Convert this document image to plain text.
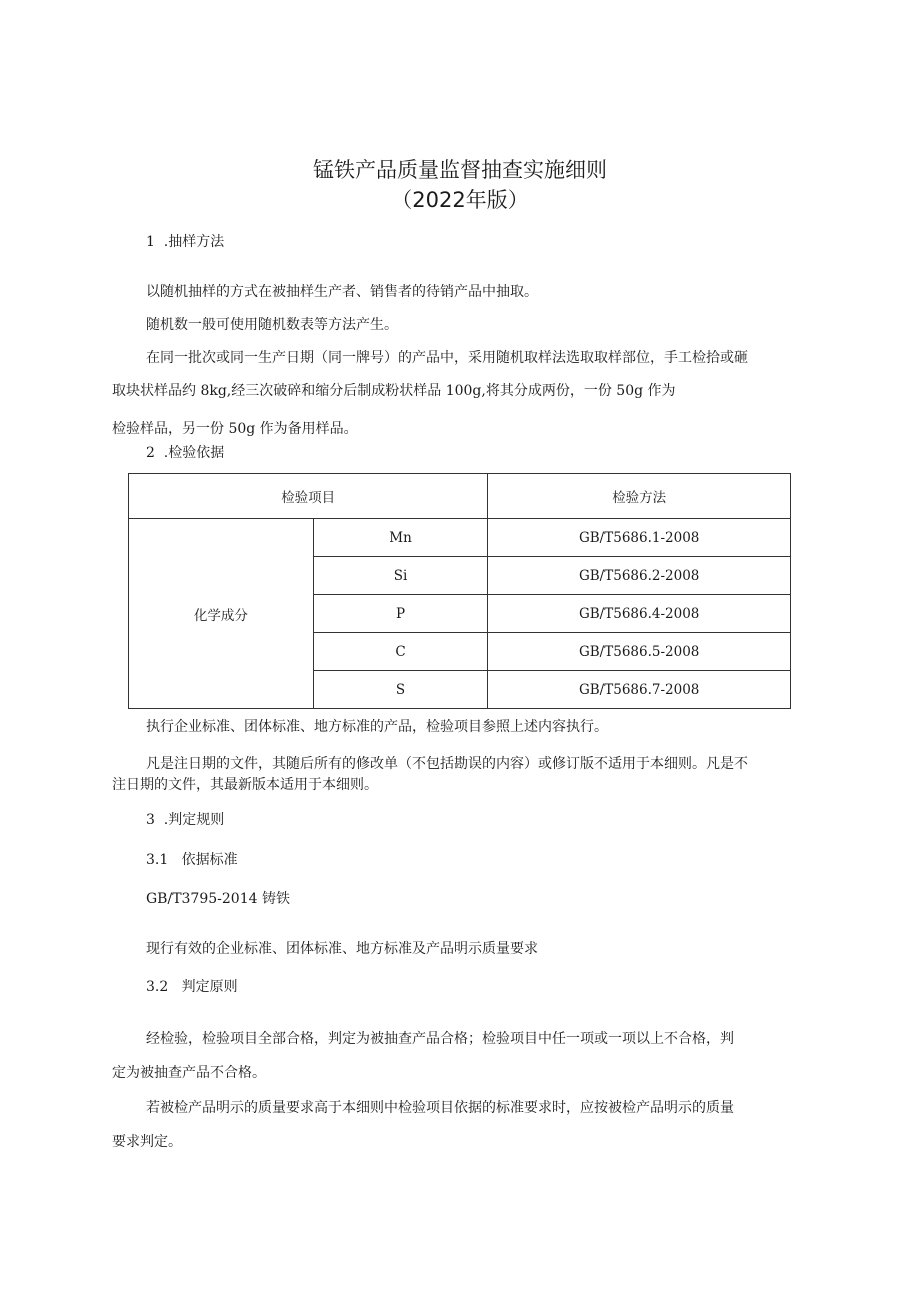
锰铁产品质量监督抽查实施细则
（2022年版）
1  .抽样方法
以随机抽样的方式在被抽样生产者、销售者的待销产品中抽取。
随机数一般可使用随机数表等方法产生。
在同一批次或同一生产日期（同一牌号）的产品中，采用随机取样法选取取样部位，手工检拾或砸
取块状样品约 8kg,经三次破碎和缩分后制成粉状样品 100g,将其分成两份，一份 50g 作为
检验样品，另一份 50g 作为备用样品。
2  .检验依据
检验项目		检验方法
化学成分	Mn	GB/T5686.1-2008
	Si	GB/T5686.2-2008
	P	GB/T5686.4-2008
	C	GB/T5686.5-2008
	S	GB/T5686.7-2008
执行企业标准、团体标准、地方标准的产品，检验项目参照上述内容执行。
凡是注日期的文件，其随后所有的修改单（不包括勘误的内容）或修订版不适用于本细则。凡是不
注日期的文件，其最新版本适用于本细则。
3  .判定规则
3.1   依据标准
GB/T3795-2014 铸铁
现行有效的企业标准、团体标准、地方标准及产品明示质量要求
3.2   判定原则
经检验，检验项目全部合格，判定为被抽查产品合格；检验项目中任一项或一项以上不合格，判
定为被抽查产品不合格。
若被检产品明示的质量要求高于本细则中检验项目依据的标准要求时，应按被检产品明示的质量
要求判定。
